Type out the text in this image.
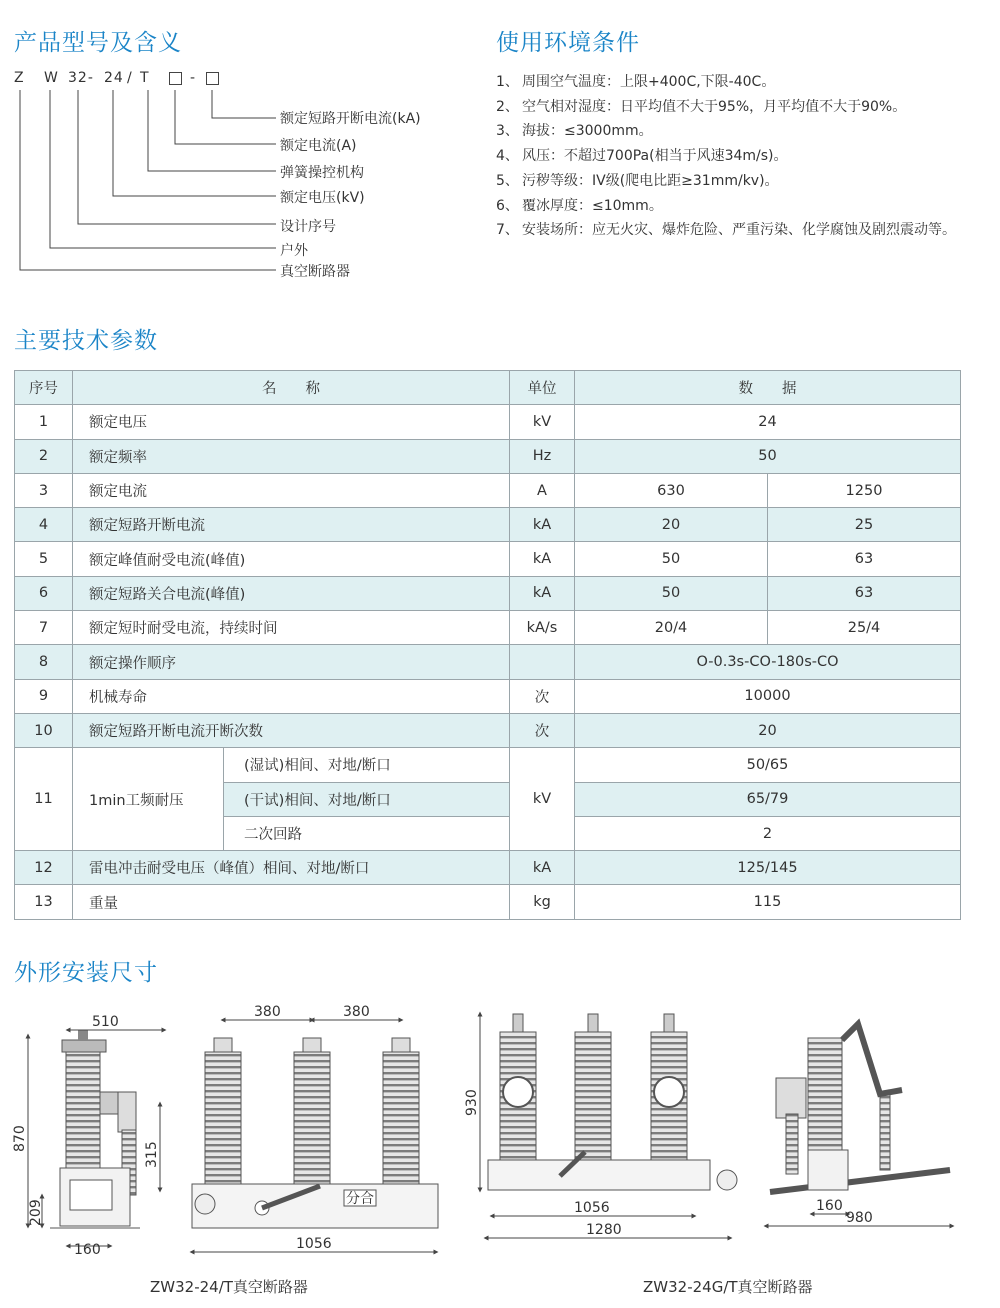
产品型号及含义	使用环境条件
主要技术参数
外形安装尺寸
Z W 32- 24 / T	-
额定短路开断电流(kA)
额定电流(A)
弹簧操控机构
额定电压(kV)
设计序号
户外
真空断路器
1、 周围空气温度：上限+400C,下限-40C。
2、 空气相对湿度：日平均值不大于95%，月平均值不大于90%。
3、 海拔：≤3000mm。
4、 风压：不超过700Pa(相当于风速34m/s)。
5、 污秽等级：IV级(爬电比距≥31mm/kv)。
6、 覆冰厚度：≤10mm。
7、 安装场所：应无火灾、爆炸危险、严重污染、化学腐蚀及剧烈震动等。
序号	名　　称		单位	数　　据	
1	额定电压		kV	24	
2	额定频率		Hz	50	
3	额定电流		A	630	1250
4	额定短路开断电流		kA	20	25
5	额定峰值耐受电流(峰值)		kA	50	63
6	额定短路关合电流(峰值)		kA	50	63
7	额定短时耐受电流，持续时间		kA/s	20/4	25/4
8	额定操作顺序			O-0.3s-CO-180s-CO	
9	机械寿命		次	10000	
10	额定短路开断电流开断次数		次	20	
11	1min工频耐压	(湿试)相间、对地/断口	kV	50/65	
		(干试)相间、对地/断口		65/79	
		二次回路		2	
12	雷电冲击耐受电压（峰值）相间、对地/断口		kA	125/145	
13	重量		kg	115	
510
870
209
315
160
分合
380	380
1056
930
1056
1280
160
980
ZW32-24/T真空断路器	ZW32-24G/T真空断路器
